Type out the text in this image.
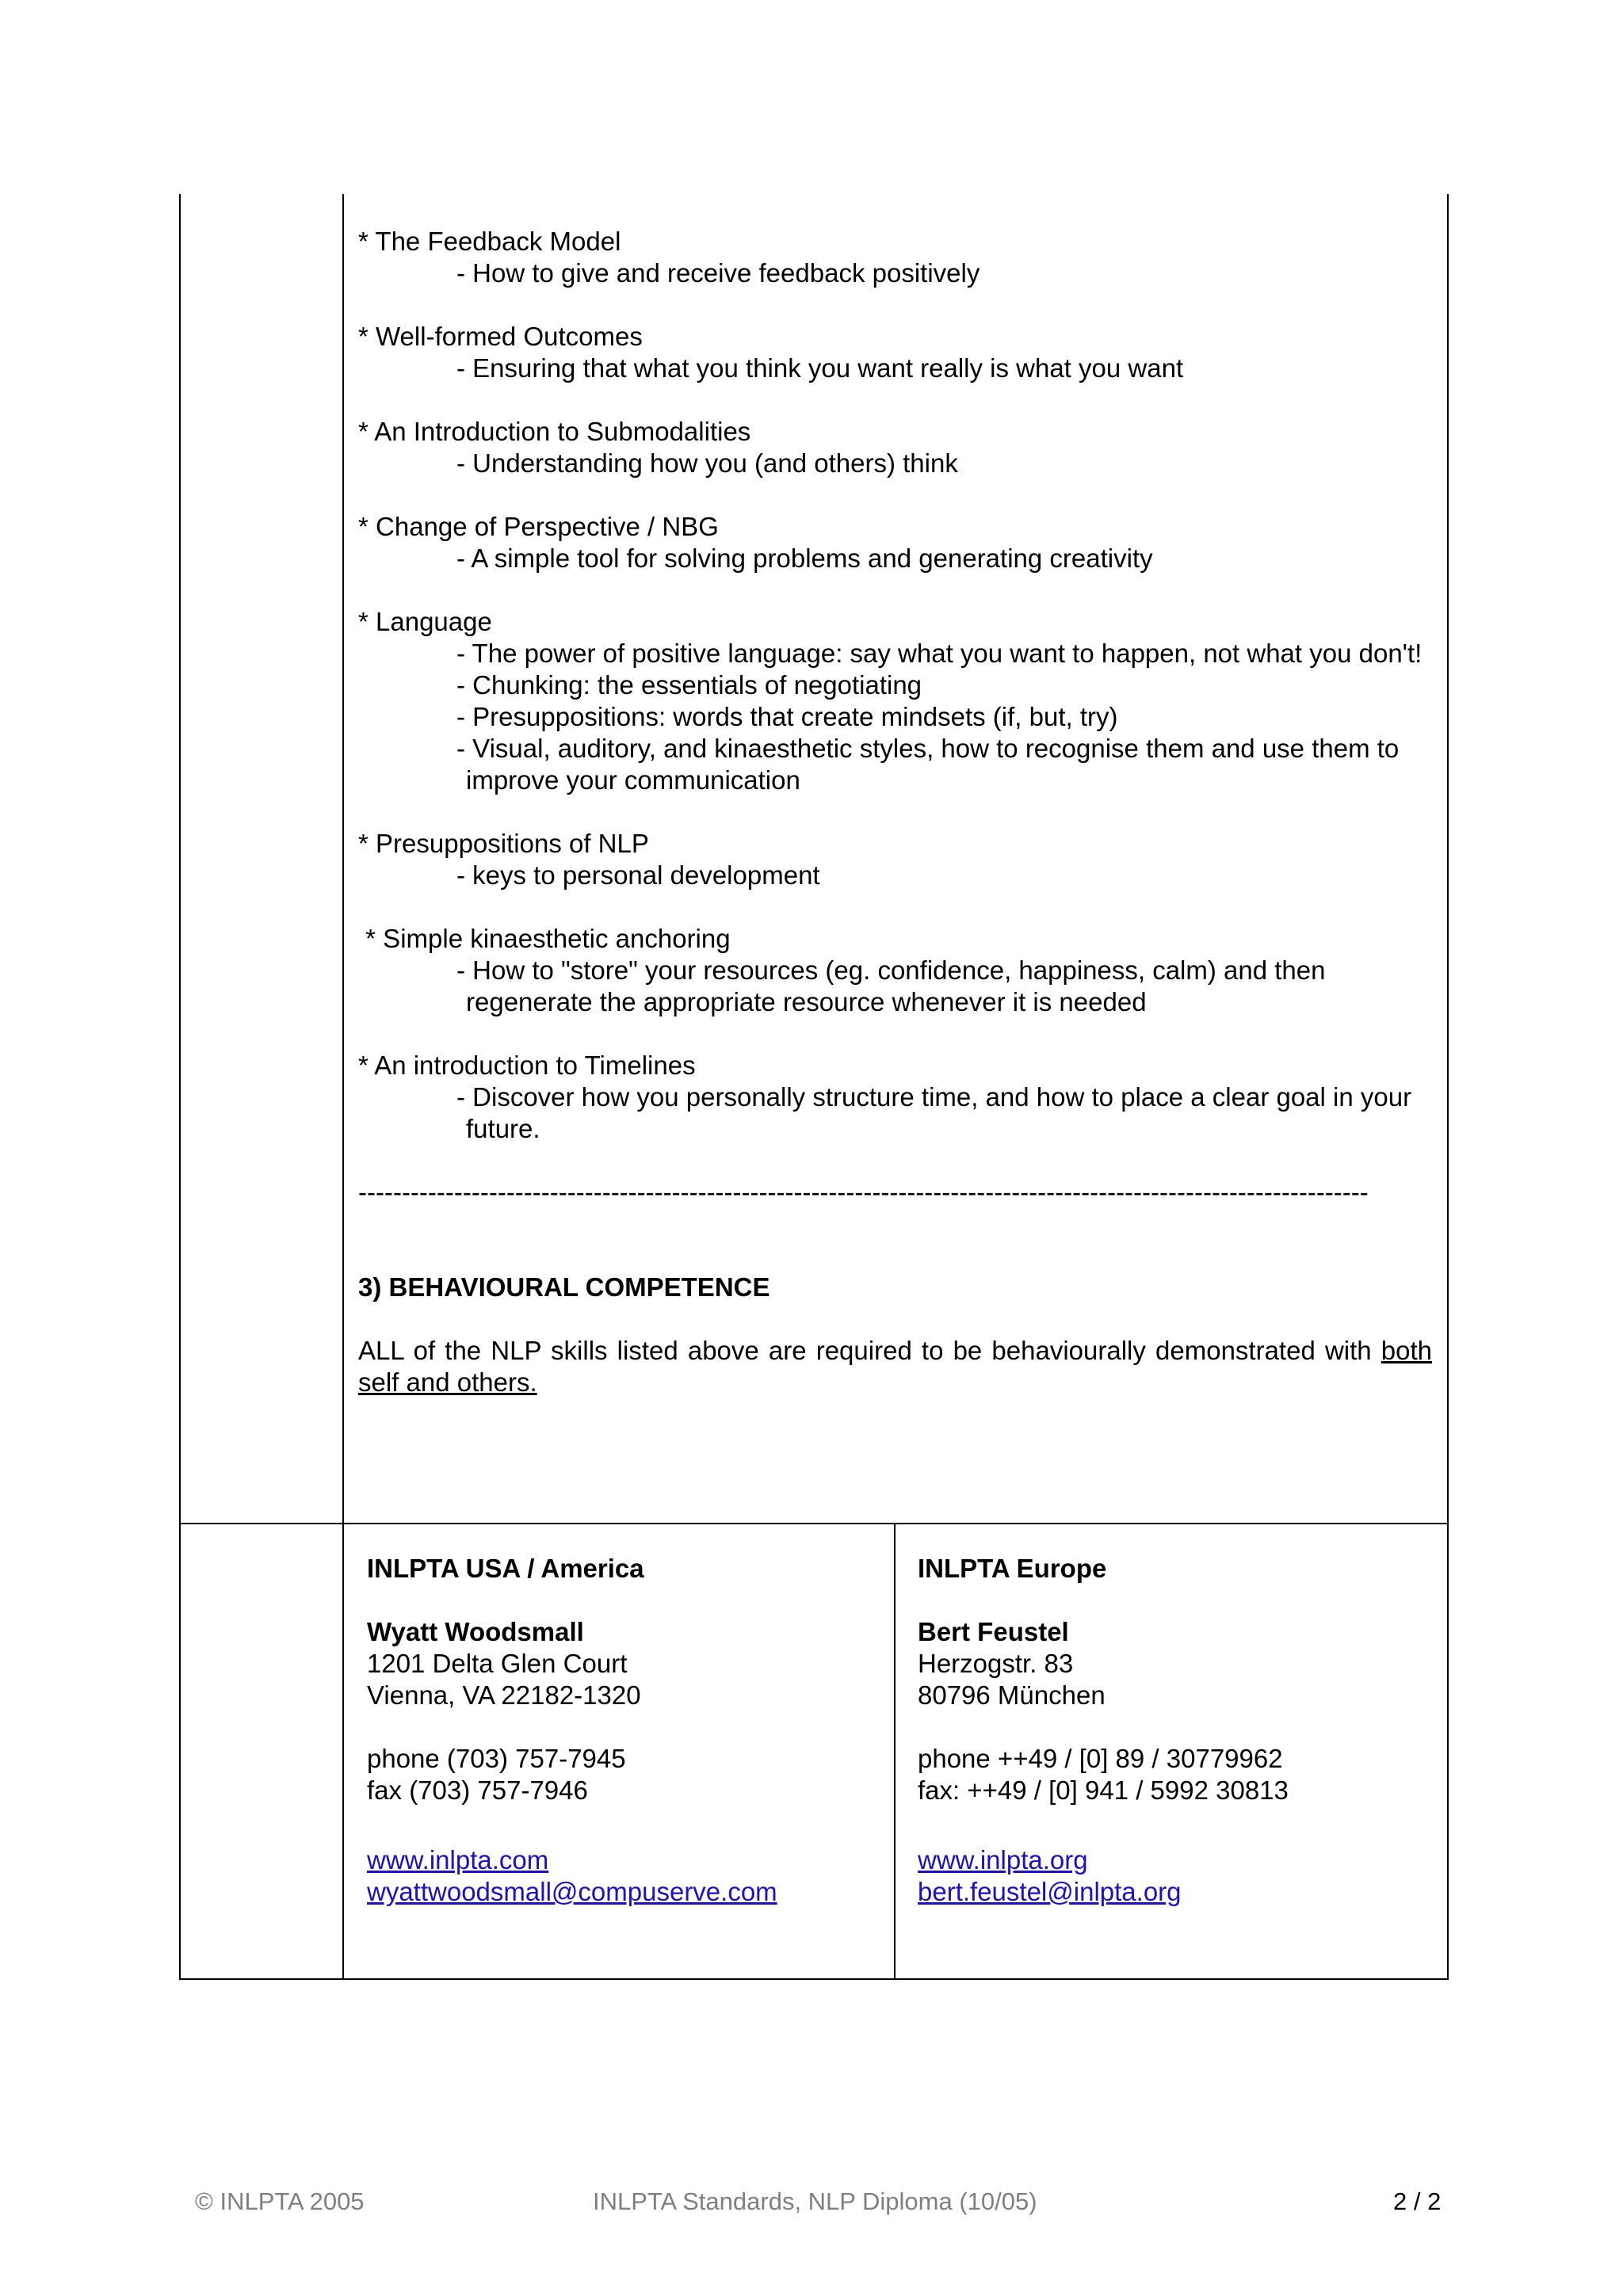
* The Feedback Model
- How to give and receive feedback positively
* Well-formed Outcomes
- Ensuring that what you think you want really is what you want
* An Introduction to Submodalities
- Understanding how you (and others) think
* Change of Perspective / NBG
- A simple tool for solving problems and generating creativity
* Language
- The power of positive language: say what you want to happen, not what you don't!
- Chunking: the essentials of negotiating
- Presuppositions: words that create mindsets (if, but, try)
- Visual, auditory, and kinaesthetic styles, how to recognise them and use them to improve your communication
* Presuppositions of NLP
- keys to personal development
* Simple kinaesthetic anchoring
- How to "store" your resources (eg. confidence, happiness, calm) and then regenerate the appropriate resource whenever it is needed
* An introduction to Timelines
- Discover how you personally structure time, and how to place a clear goal in your future.
--------------------------------------------------------------------------------------------------------------------
3) BEHAVIOURAL COMPETENCE
ALL of the NLP skills listed above are required to be behaviourally demonstrated with both self and others.
INLPTA USA / America
Wyatt Woodsmall
1201 Delta Glen Court
Vienna, VA 22182-1320
phone (703) 757-7945
fax (703) 757-7946
www.inlpta.com
wyattwoodsmall@compuserve.com
INLPTA Europe
Bert Feustel
Herzogstr. 83
80796 München
phone ++49 / [0] 89 / 30779962
fax: ++49 / [0] 941 / 5992 30813
www.inlpta.org
bert.feustel@inlpta.org
© INLPTA 2005	INLPTA Standards, NLP Diploma (10/05)	2 / 2
